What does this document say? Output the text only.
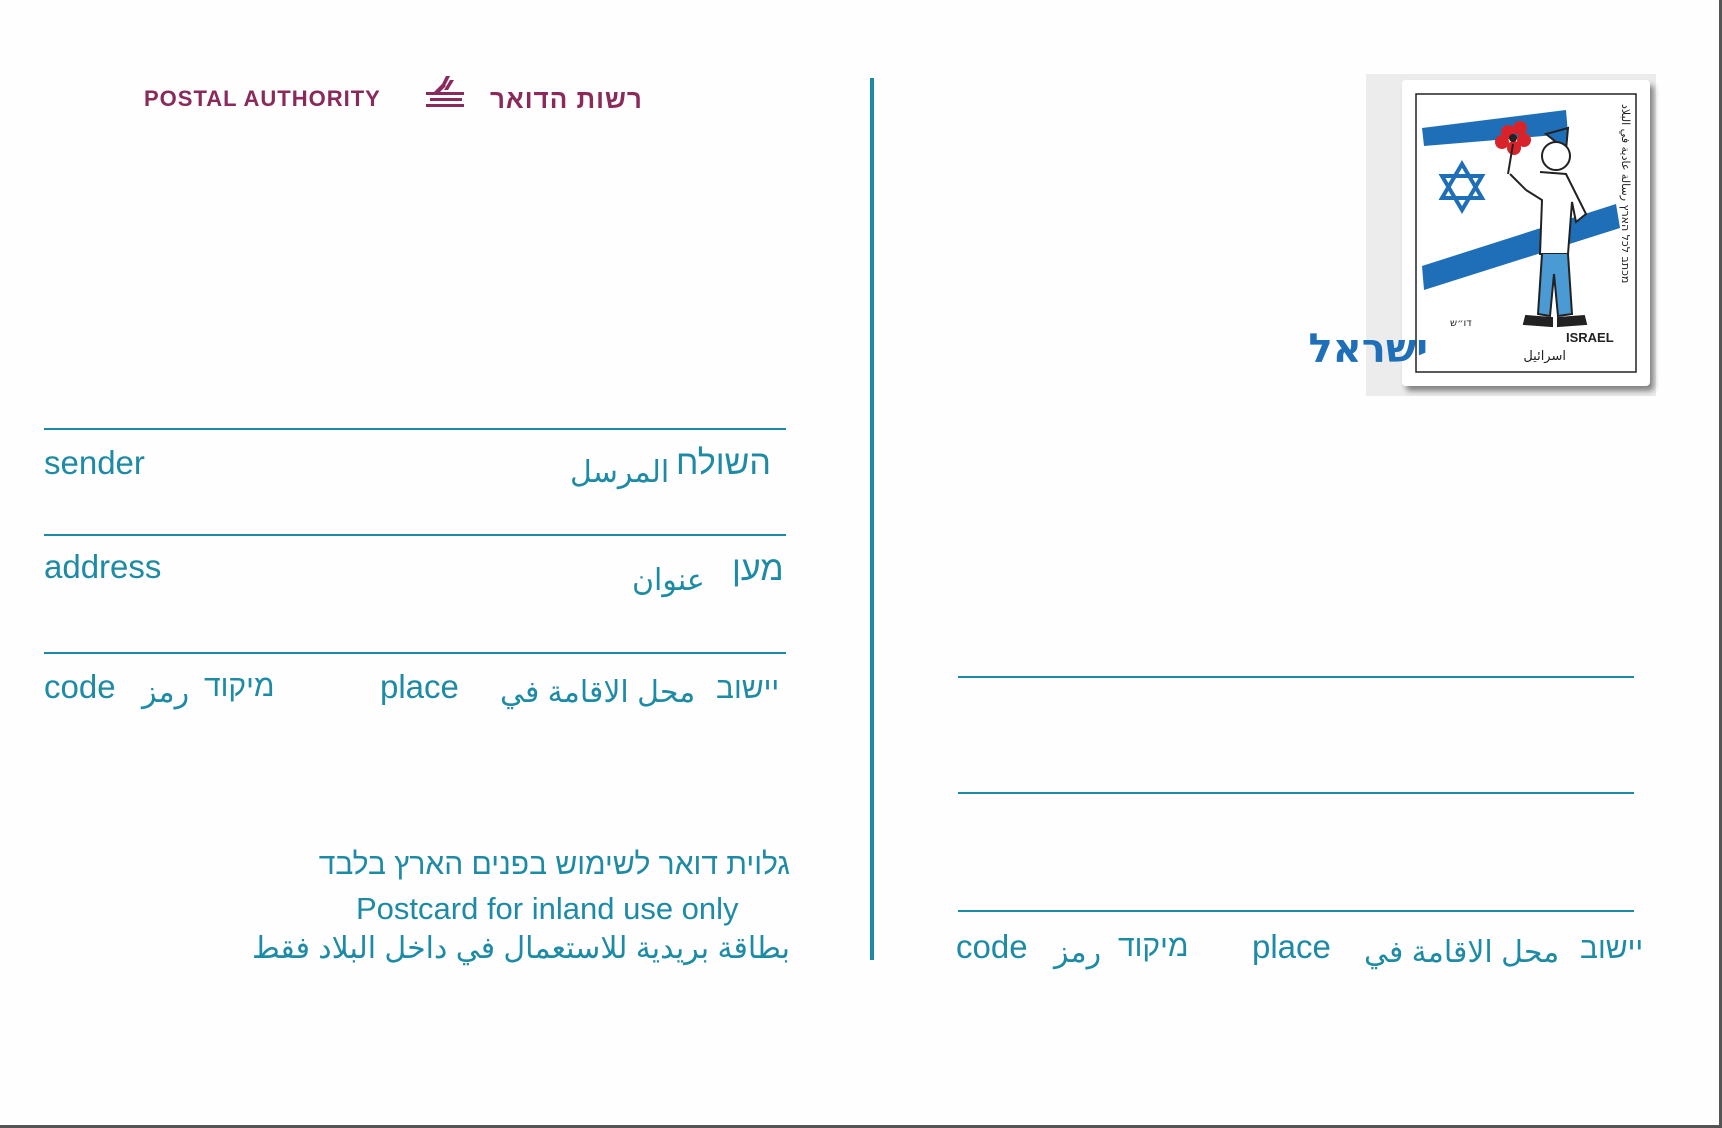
POSTAL AUTHORITY	רשות הדואר
sender	المرسل השולח
address	عنوان מען
code رمز מיקוד	place محل الاقامة في יישוב
גלוית דואר לשימוש בפנים הארץ בלבד
Postcard for inland use only
بطاقة بريدية للاستعمال في داخل البلاد فقط
דו״ש
ישראל	ISRAEL
اسرائيل
מכתב לכל הארץ رسالة عادية في البلاد
code رمز מיקוד place محل الاقامة في יישוב
